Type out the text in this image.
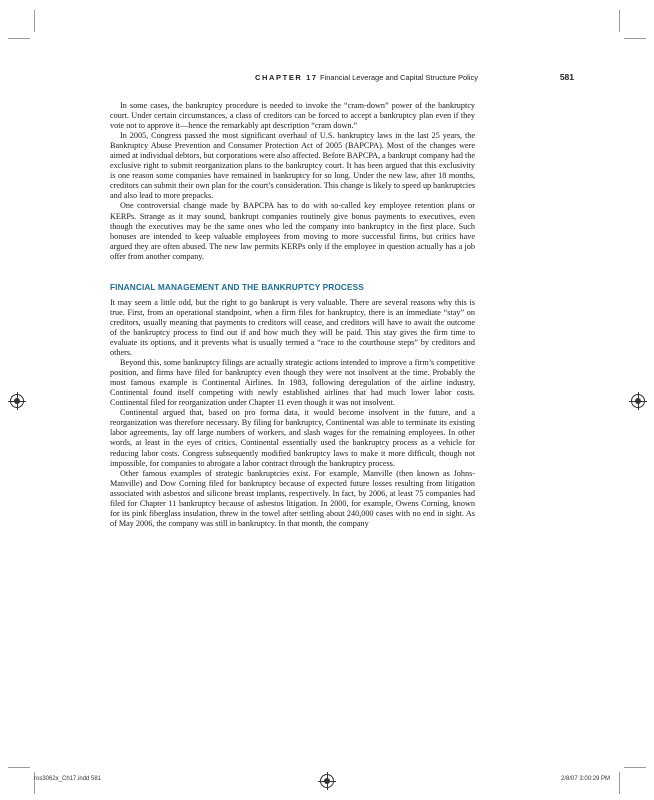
CHAPTER 17 Financial Leverage and Capital Structure Policy	581

In some cases, the bankruptcy procedure is needed to invoke the “cram-down” power of the bankruptcy court. Under certain circumstances, a class of creditors can be forced to accept a bankruptcy plan even if they vote not to approve it—hence the remarkably apt description “cram down.”

In 2005, Congress passed the most significant overhaul of U.S. bankruptcy laws in the last 25 years, the Bankruptcy Abuse Prevention and Consumer Protection Act of 2005 (BAPCPA). Most of the changes were aimed at individual debtors, but corporations were also affected. Before BAPCPA, a bankrupt company had the exclusive right to submit reorganization plans to the bankruptcy court. It has been argued that this exclusivity is one reason some companies have remained in bankruptcy for so long. Under the new law, after 18 months, creditors can submit their own plan for the court’s consideration. This change is likely to speed up bankruptcies and also lead to more prepacks.

One controversial change made by BAPCPA has to do with so-called key employee retention plans or KERPs. Strange as it may sound, bankrupt companies routinely give bonus payments to executives, even though the executives may be the same ones who led the company into bankruptcy in the first place. Such bonuses are intended to keep valuable employees from moving to more successful firms, but critics have argued they are often abused. The new law permits KERPs only if the employee in question actually has a job offer from another company.

FINANCIAL MANAGEMENT AND THE BANKRUPTCY PROCESS

It may seem a little odd, but the right to go bankrupt is very valuable. There are several reasons why this is true. First, from an operational standpoint, when a firm files for bankruptcy, there is an immediate “stay” on creditors, usually meaning that payments to creditors will cease, and creditors will have to await the outcome of the bankruptcy process to find out if and how much they will be paid. This stay gives the firm time to evaluate its options, and it prevents what is usually termed a “race to the courthouse steps” by creditors and others.

Beyond this, some bankruptcy filings are actually strategic actions intended to improve a firm’s competitive position, and firms have filed for bankruptcy even though they were not insolvent at the time. Probably the most famous example is Continental Airlines. In 1983, following deregulation of the airline industry, Continental found itself competing with newly established airlines that had much lower labor costs. Continental filed for reorganization under Chapter 11 even though it was not insolvent.

Continental argued that, based on pro forma data, it would become insolvent in the future, and a reorganization was therefore necessary. By filing for bankruptcy, Continental was able to terminate its existing labor agreements, lay off large numbers of workers, and slash wages for the remaining employees. In other words, at least in the eyes of critics, Continental essentially used the bankruptcy process as a vehicle for reducing labor costs. Congress subsequently modified bankruptcy laws to make it more difficult, though not impossible, for companies to abrogate a labor contract through the bankruptcy process.

Other famous examples of strategic bankruptcies exist. For example, Manville (then known as Johns-Manville) and Dow Corning filed for bankruptcy because of expected future losses resulting from litigation associated with asbestos and silicone breast implants, respectively. In fact, by 2006, at least 75 companies had filed for Chapter 11 bankruptcy because of asbestos litigation. In 2000, for example, Owens Corning, known for its pink fiberglass insulation, threw in the towel after settling about 240,000 cases with no end in sight. As of May 2006, the company was still in bankruptcy. In that month, the company

ros3062x_Ch17.indd 581	2/8/07 3:00:29 PM
